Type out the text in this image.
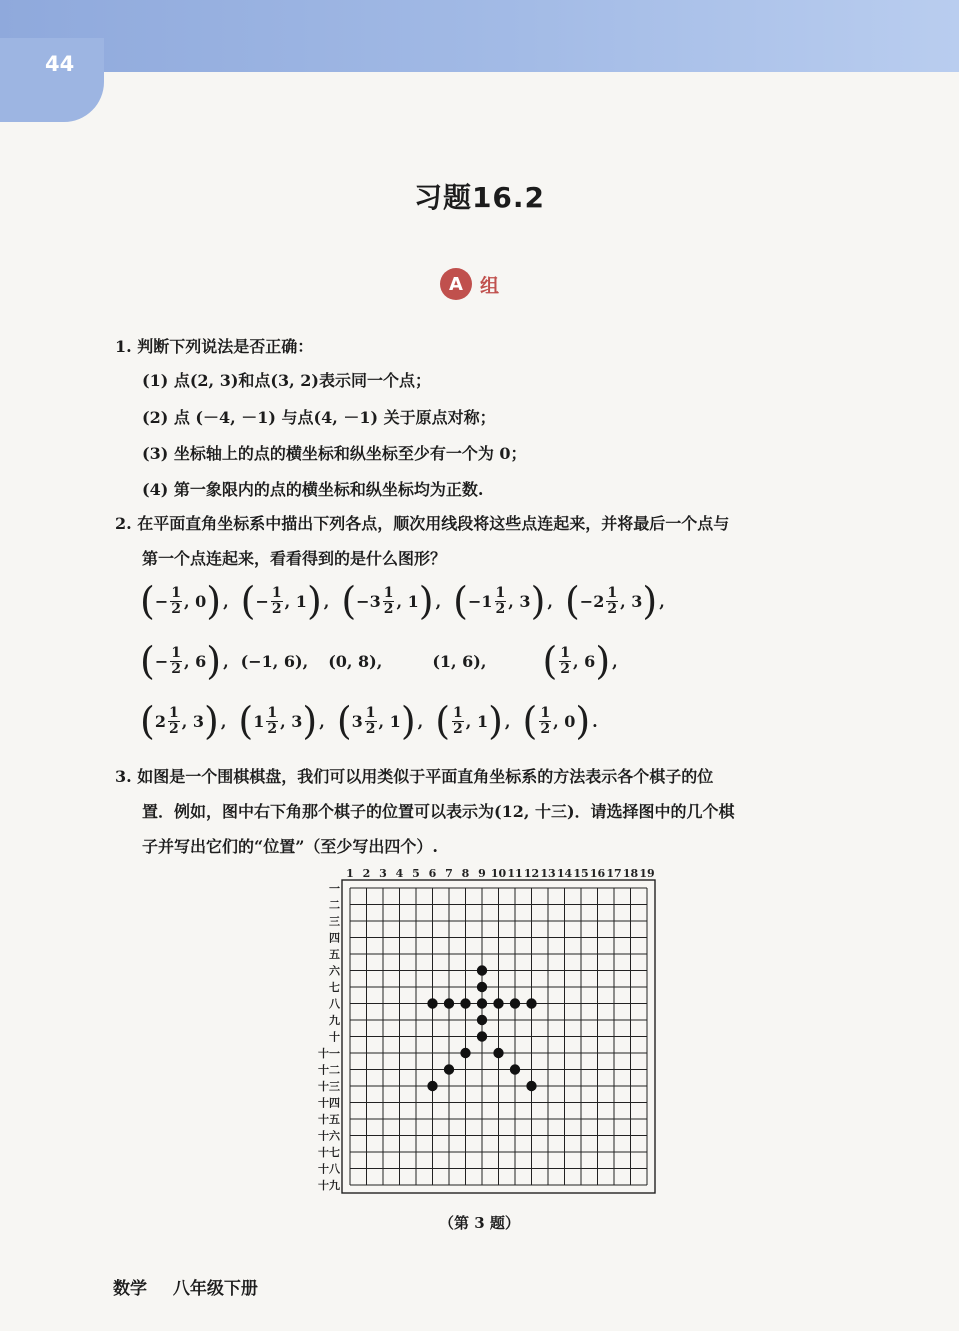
44
习题16.2
A 组
1. 判断下列说法是否正确：
(1) 点(2, 3)和点(3, 2)表示同一个点；
(2) 点 (－4, －1) 与点(4, －1) 关于原点对称；
(3) 坐标轴上的点的横坐标和纵坐标至少有一个为 0；
(4) 第一象限内的点的横坐标和纵坐标均为正数.
2. 在平面直角坐标系中描出下列各点，顺次用线段将这些点连起来，并将最后一个点与
第一个点连起来，看看得到的是什么图形？
( − $\frac{1}{2}$ , 0 ) , ( − $\frac{1}{2}$ , 1 ) , ( $-3 \frac{1}{2}$ , 1 ) , ( $-1 \frac{1}{2}$ , 3 ) , ( $-2 \frac{1}{2}$ , 3 ) ,
( − $\frac{1}{2}$ , 6 ) , (−1, 6), (0, 8),	(1, 6), ( $\frac{1}{2}$ , 6 ) ,
( $2 \frac{1}{2}$ , 3 ) , ( $1 \frac{1}{2}$ , 3 ) , ( $3 \frac{1}{2}$ , 1 ) , ( $\frac{1}{2}$ , 1 ) , ( $\frac{1}{2}$ , 0 ) .
3. 如图是一个围棋棋盘，我们可以用类似于平面直角坐标系的方法表示各个棋子的位
置．例如，图中右下角那个棋子的位置可以表示为(12, 十三)．请选择图中的几个棋
子并写出它们的“位置”（至少写出四个）.
1 2 3 4 5 6 7 8 9 10 11 12 13 14 15 16 17 18 19
一
二
三
四
五
六
七
八
九
十
十一
十二
十三
十四
十五
十六
十七
十八
十九
（第 3 题）
数学 八年级下册
